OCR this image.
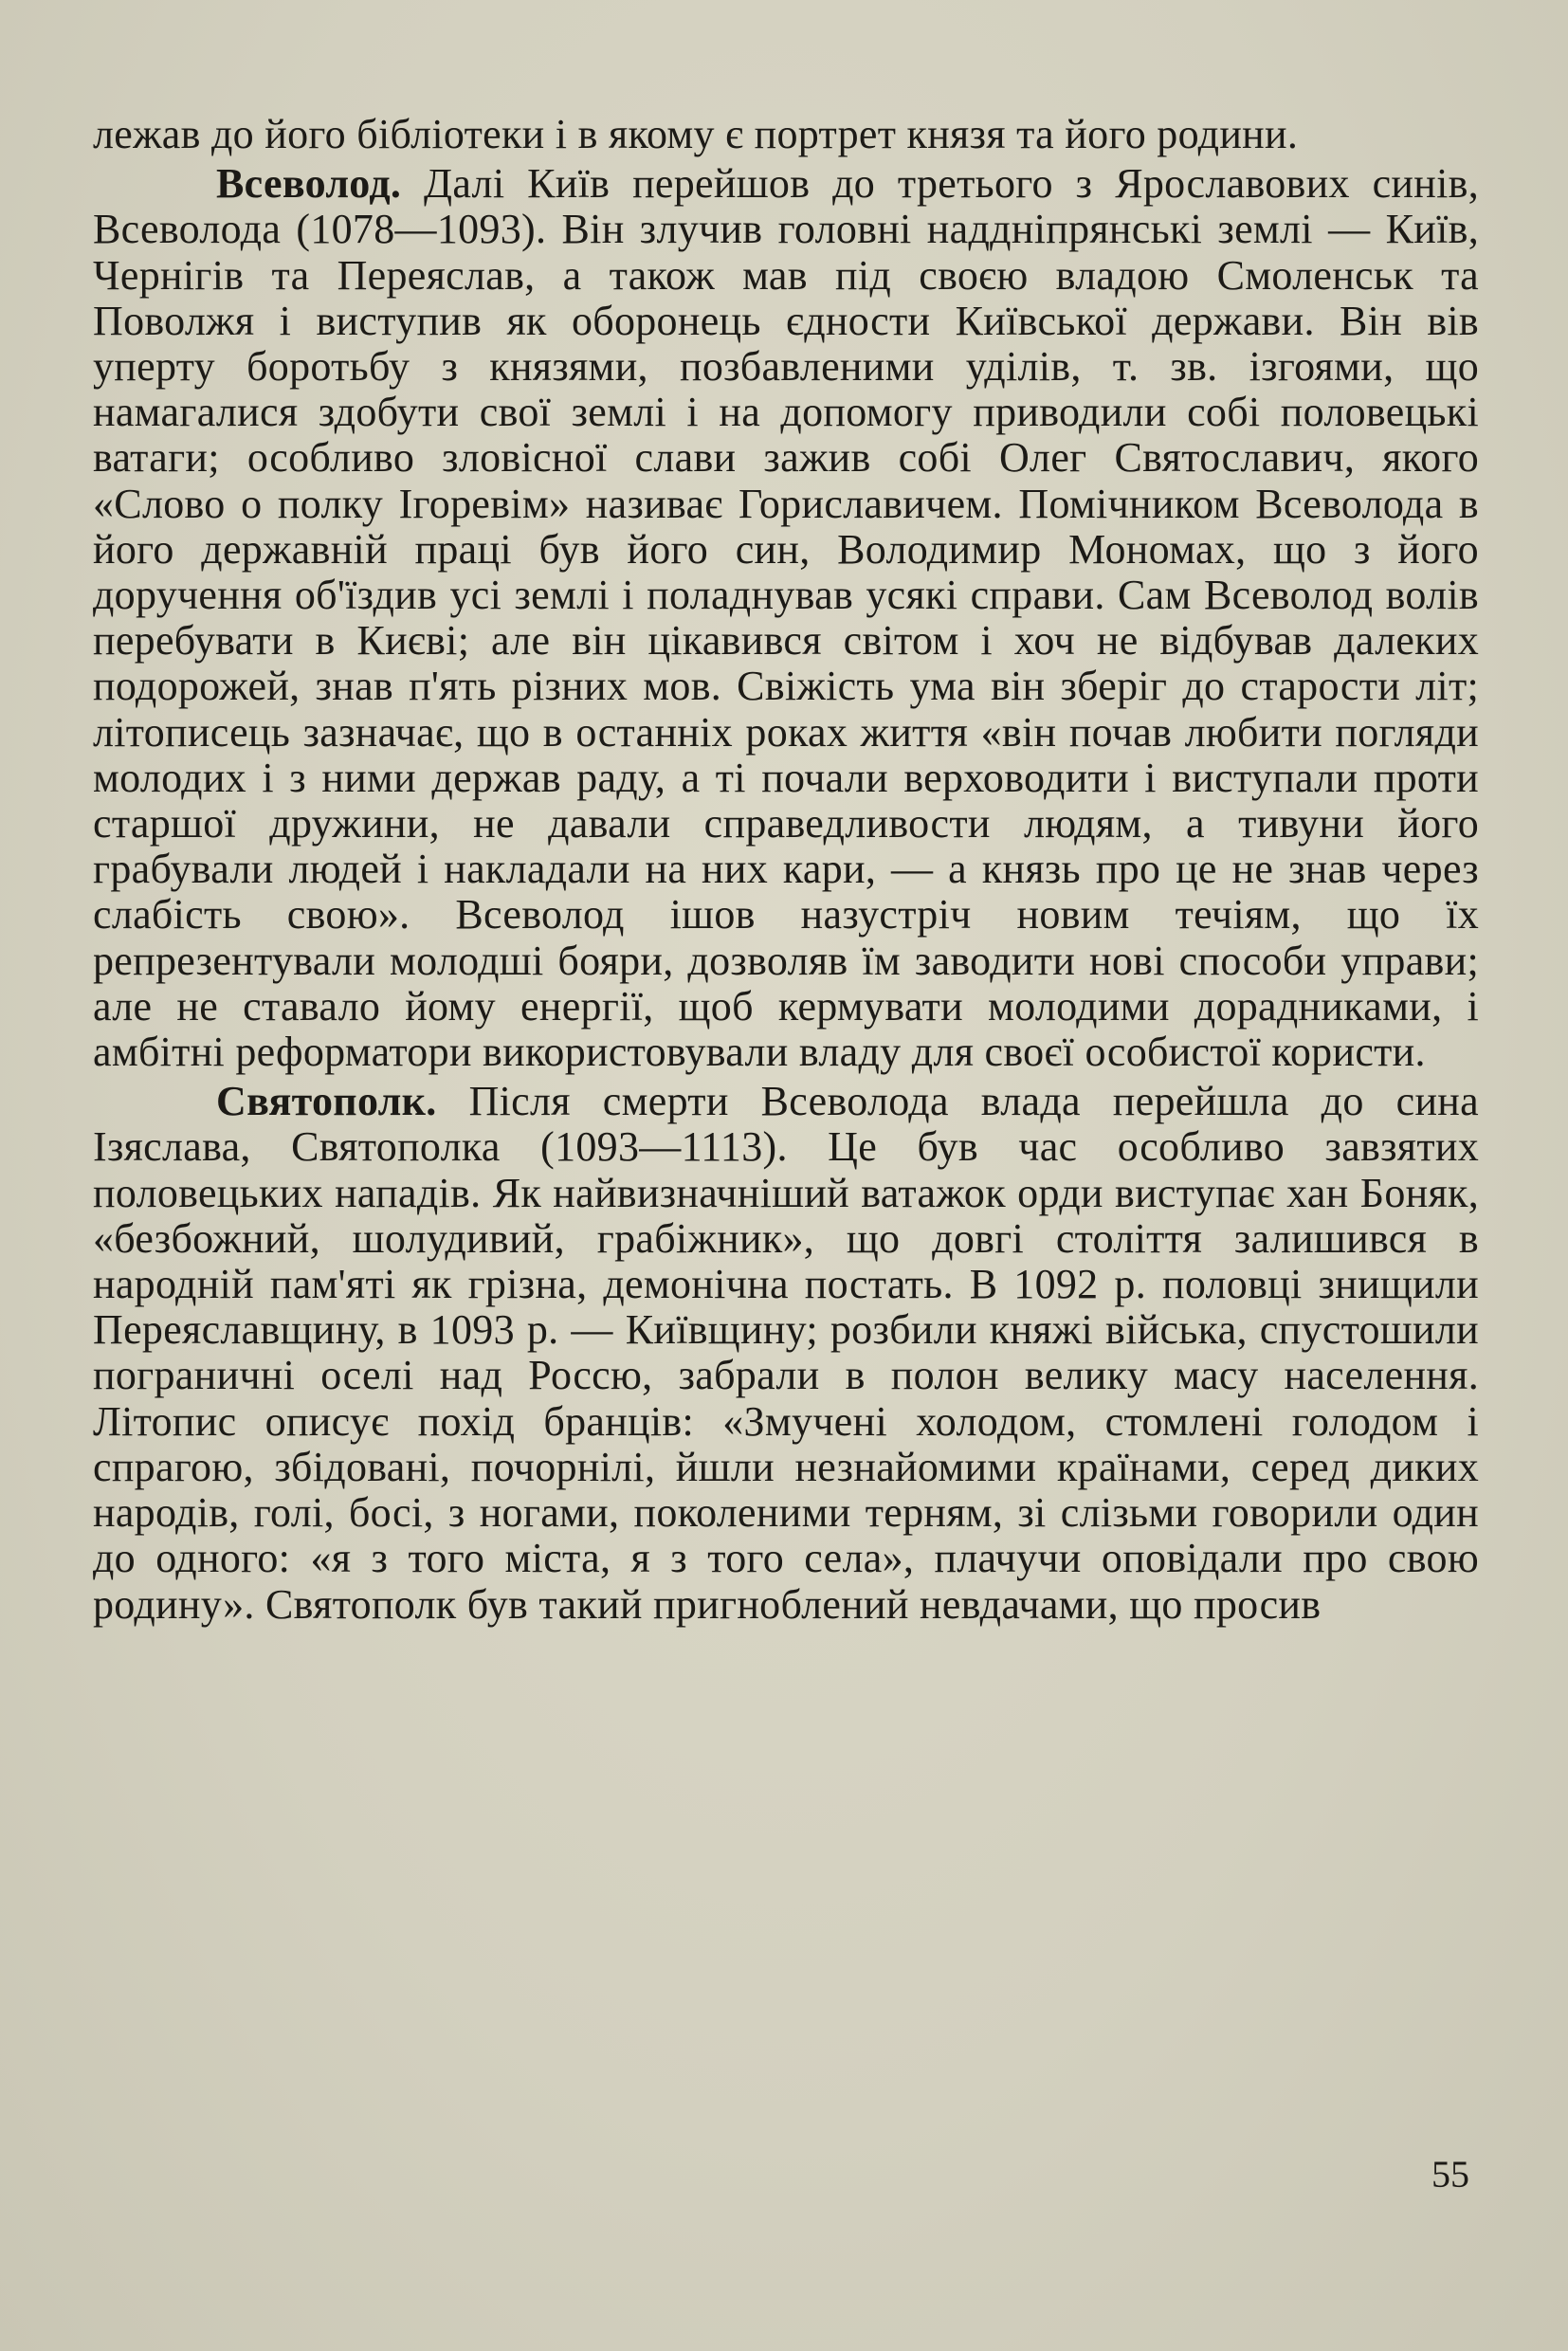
лежав до його бібліотеки і в якому є портрет князя та його родини.

Всеволод. Далі Київ перейшов до третього з Ярославових синів, Всеволода (1078—1093). Він злучив головні наддніпрянські землі — Київ, Чернігів та Переяслав, а також мав під своєю владою Смоленськ та Поволжя і виступив як оборонець єдности Київської держави. Він вів уперту боротьбу з князями, позбавленими уділів, т. зв. ізгоями, що намагалися здобути свої землі і на допомогу приводили собі половецькі ватаги; особливо зловісної слави зажив собі Олег Святославич, якого «Слово о полку Ігоревім» називає Гориславичем. Помічником Всеволода в його державній праці був його син, Володимир Мономах, що з його доручення об'їздив усі землі і поладнував усякі справи. Сам Всеволод волів перебувати в Києві; але він цікавився світом і хоч не відбував далеких подорожей, знав п'ять різних мов. Свіжість ума він зберіг до старости літ; літописець зазначає, що в останніх роках життя «він почав любити погляди молодих і з ними держав раду, а ті почали верховодити і виступали проти старшої дружини, не давали справедливости людям, а тивуни його грабували людей і накладали на них кари, — а князь про це не знав через слабість свою». Всеволод ішов назустріч новим течіям, що їх репрезентували молодші бояри, дозволяв їм заводити нові способи управи; але не ставало йому енергії, щоб кермувати молодими дорадниками, і амбітні реформатори використовували владу для своєї особистої користи.

Святополк. Після смерти Всеволода влада перейшла до сина Ізяслава, Святополка (1093—1113). Це був час особливо завзятих половецьких нападів. Як найвизначніший ватажок орди виступає хан Боняк, «безбожний, шолудивий, грабіжник», що довгі століття залишився в народній пам'яті як грізна, демонічна постать. В 1092 р. половці знищили Переяславщину, в 1093 р. — Київщину; розбили княжі війська, спустошили пограничні оселі над Россю, забрали в полон велику масу населення. Літопис описує похід бранців: «Змучені холодом, стомлені голодом і спрагою, збідовані, почорнілі, йшли незнайомими країнами, серед диких народів, голі, босі, з ногами, поколеними терням, зі слізьми говорили один до одного: «я з того міста, я з того села», плачучи оповідали про свою родину». Святополк був такий пригноблений невдачами, що просив

55
